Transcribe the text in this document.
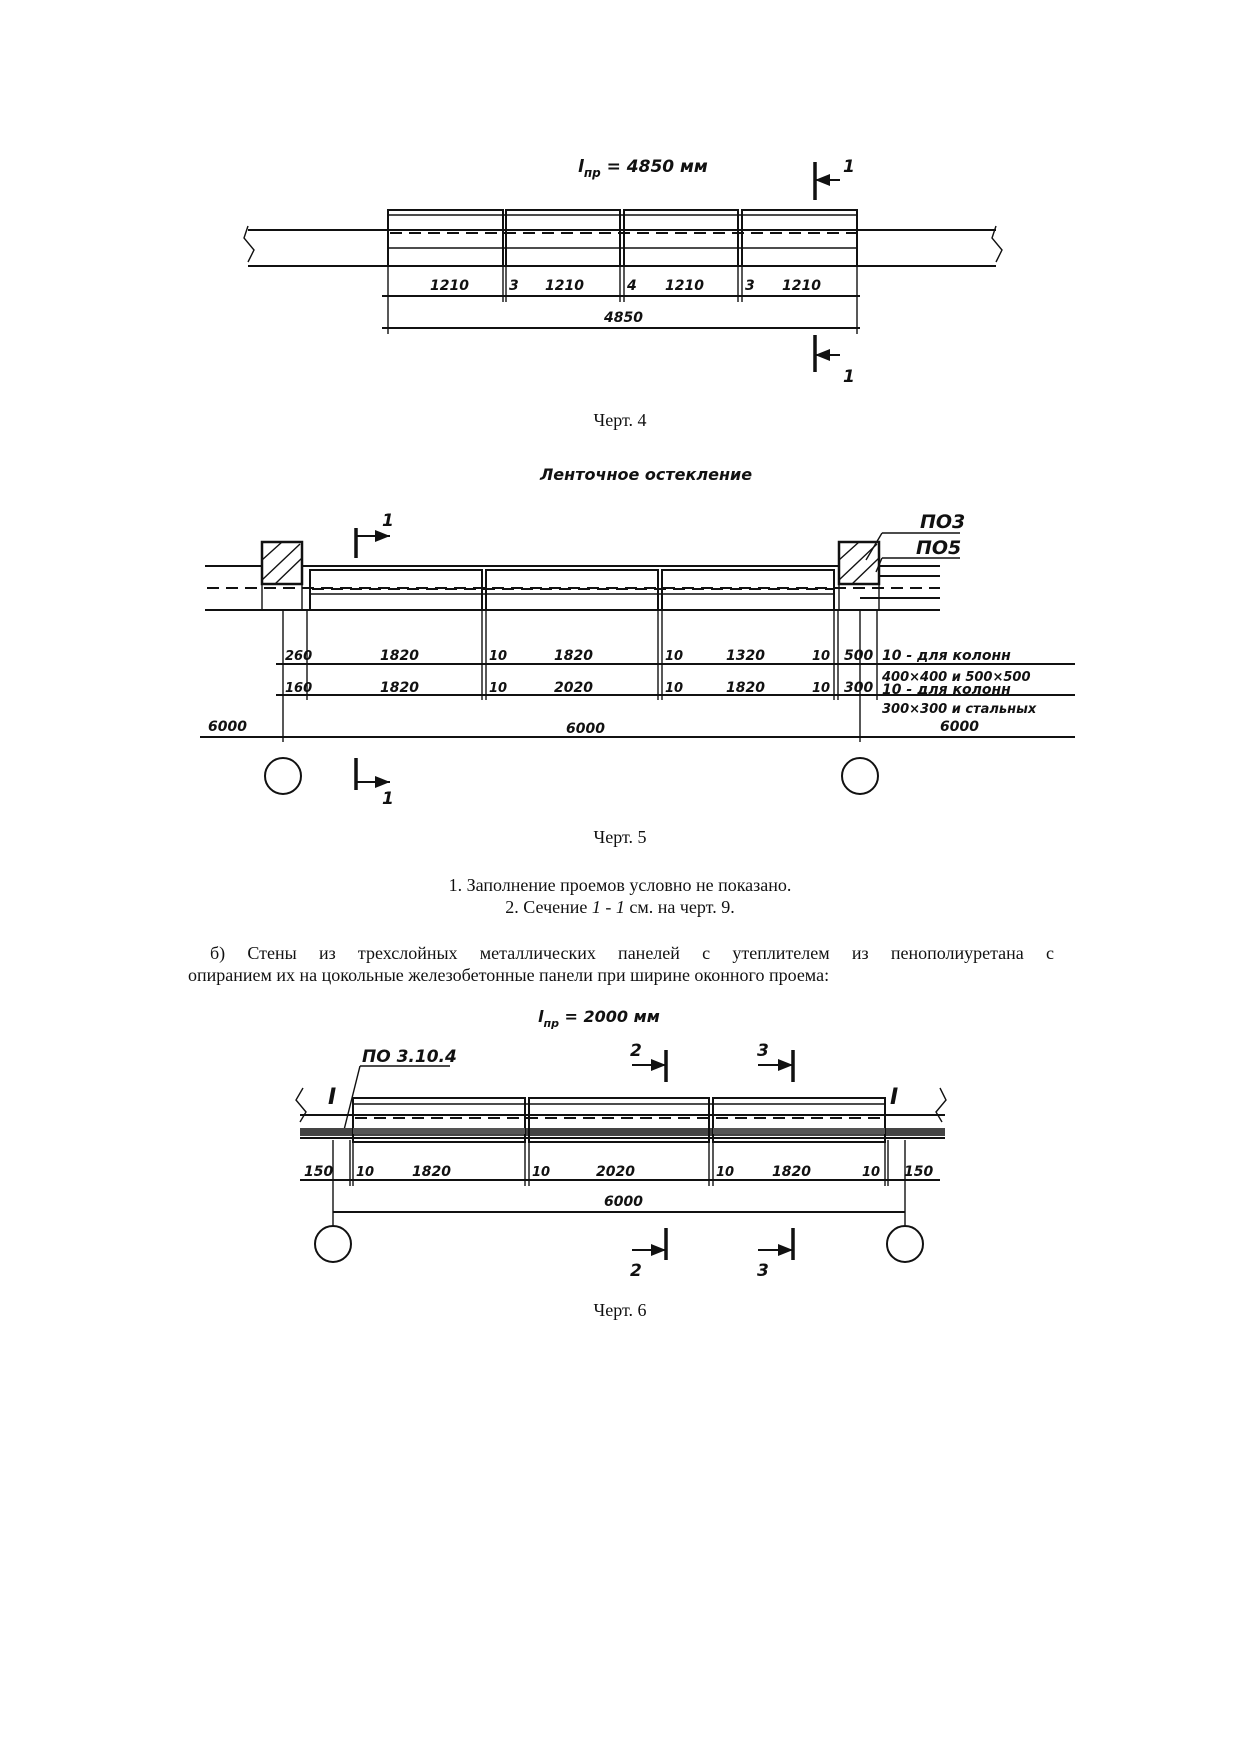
$l_{пр} = 4850$ мм
1210	3 1210	4 1210	3 1210
4850
1
1
Черт. 4
Ленточное остекление
260	1820	10	1820	10	1320	10 500 10 - для колонн
400×400 и 500×500
160	1820	10	2020	10	1820	10 300 10 - для колонн
300×300 и стальных
6000
6000	6000
1
1
ПО3
ПО5
Черт. 5
1. Заполнение проемов условно не показано.
2. Сечение 1 - 1 см. на черт. 9.
б) Стены из трехслойных металлических панелей с утеплителем из пенополиуретана с
опиранием их на цокольные железобетонные панели при ширине оконного проема:
$l_{пр} = 2000$ мм
ПО 3.10.4
I	I
150 10	1820	10	2020	10	1820	10 150
6000
2	3
2	3
Черт. 6
